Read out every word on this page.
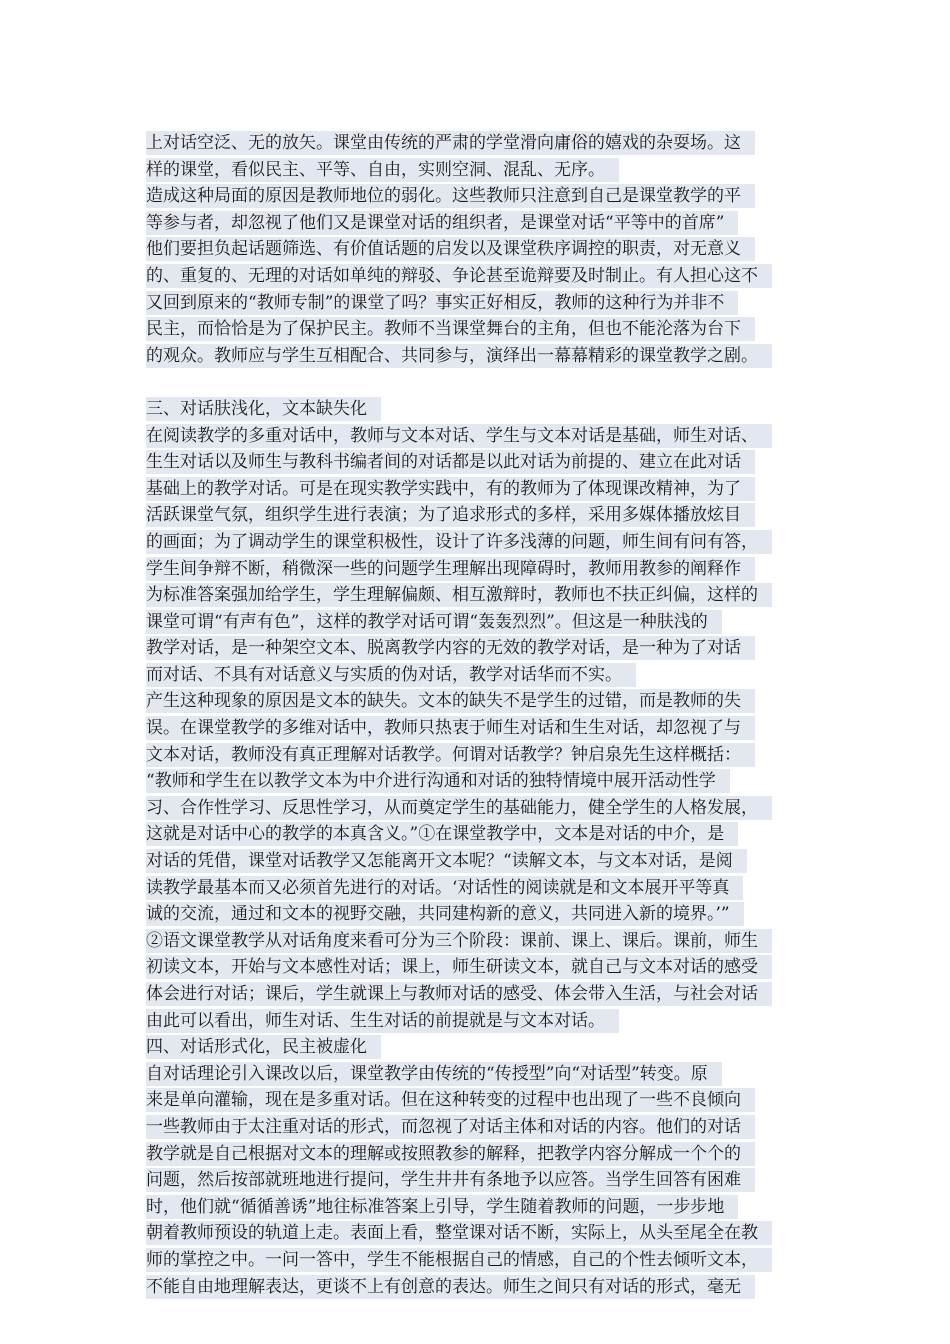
上对话空泛、无的放矢。课堂由传统的严肃的学堂滑向庸俗的嬉戏的杂耍场。这
样的课堂，看似民主、平等、自由，实则空洞、混乱、无序。
造成这种局面的原因是教师地位的弱化。这些教师只注意到自己是课堂教学的平
等参与者，却忽视了他们又是课堂对话的组织者，是课堂对话“平等中的首席”
他们要担负起话题筛选、有价值话题的启发以及课堂秩序调控的职责，对无意义
的、重复的、无理的对话如单纯的辩驳、争论甚至诡辩要及时制止。有人担心这不
又回到原来的“教师专制”的课堂了吗？事实正好相反，教师的这种行为并非不
民主，而恰恰是为了保护民主。教师不当课堂舞台的主角，但也不能沦落为台下
的观众。教师应与学生互相配合、共同参与，演绎出一幕幕精彩的课堂教学之剧。
三、对话肤浅化，文本缺失化
在阅读教学的多重对话中，教师与文本对话、学生与文本对话是基础，师生对话、
生生对话以及师生与教科书编者间的对话都是以此对话为前提的、建立在此对话
基础上的教学对话。可是在现实教学实践中，有的教师为了体现课改精神，为了
活跃课堂气氛，组织学生进行表演；为了追求形式的多样，采用多媒体播放炫目
的画面；为了调动学生的课堂积极性，设计了许多浅薄的问题，师生间有问有答，
学生间争辩不断，稍微深一些的问题学生理解出现障碍时，教师用教参的阐释作
为标准答案强加给学生，学生理解偏颇、相互激辩时，教师也不扶正纠偏，这样的
课堂可谓“有声有色”，这样的教学对话可谓“轰轰烈烈”。但这是一种肤浅的
教学对话，是一种架空文本、脱离教学内容的无效的教学对话，是一种为了对话
而对话、不具有对话意义与实质的伪对话，教学对话华而不实。
产生这种现象的原因是文本的缺失。文本的缺失不是学生的过错，而是教师的失
误。在课堂教学的多维对话中，教师只热衷于师生对话和生生对话，却忽视了与
文本对话，教师没有真正理解对话教学。何谓对话教学？钟启泉先生这样概括：
“教师和学生在以教学文本为中介进行沟通和对话的独特情境中展开活动性学
习、合作性学习、反思性学习，从而奠定学生的基础能力，健全学生的人格发展，
这就是对话中心的教学的本真含义。”①在课堂教学中，文本是对话的中介，是
对话的凭借，课堂对话教学又怎能离开文本呢？“读解文本，与文本对话，是阅
读教学最基本而又必须首先进行的对话。‘对话性的阅读就是和文本展开平等真
诚的交流，通过和文本的视野交融，共同建构新的意义，共同进入新的境界。’”
②语文课堂教学从对话角度来看可分为三个阶段：课前、课上、课后。课前，师生
初读文本，开始与文本感性对话；课上，师生研读文本，就自己与文本对话的感受
体会进行对话；课后，学生就课上与教师对话的感受、体会带入生活，与社会对话
由此可以看出，师生对话、生生对话的前提就是与文本对话。
四、对话形式化，民主被虚化
自对话理论引入课改以后，课堂教学由传统的“传授型”向“对话型”转变。原
来是单向灌输，现在是多重对话。但在这种转变的过程中也出现了一些不良倾向
一些教师由于太注重对话的形式，而忽视了对话主体和对话的内容。他们的对话
教学就是自己根据对文本的理解或按照教参的解释，把教学内容分解成一个个的
问题，然后按部就班地进行提问，学生井井有条地予以应答。当学生回答有困难
时，他们就“循循善诱”地往标准答案上引导，学生随着教师的问题，一步步地
朝着教师预设的轨道上走。表面上看，整堂课对话不断，实际上，从头至尾全在教
师的掌控之中。一问一答中，学生不能根据自己的情感，自己的个性去倾听文本，
不能自由地理解表达，更谈不上有创意的表达。师生之间只有对话的形式，毫无
